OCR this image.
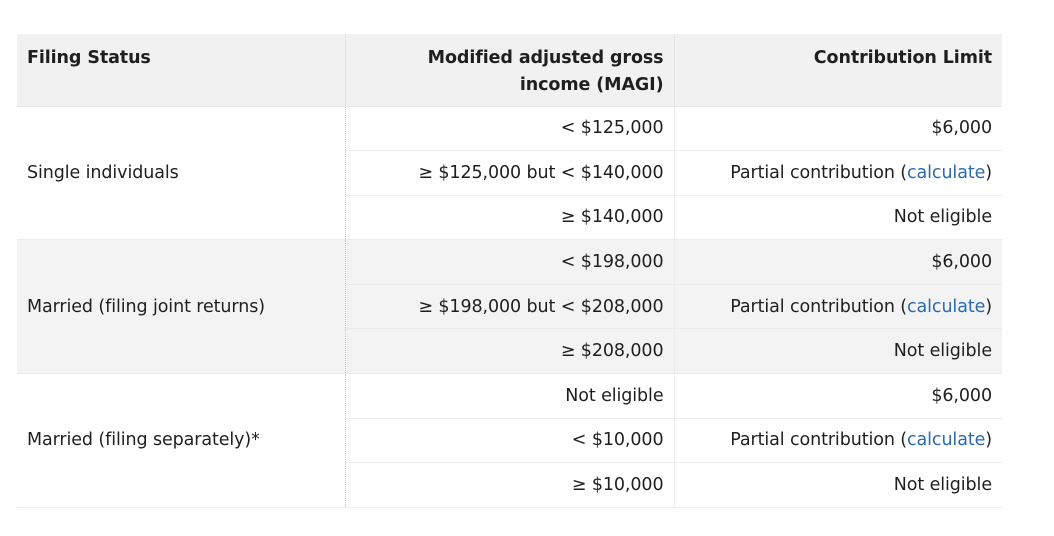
Filing Status	Modified adjusted gross income (MAGI)	Contribution Limit
Single individuals	< $125,000	$6,000
	≥ $125,000 but < $140,000	Partial contribution (calculate)
	≥ $140,000	Not eligible
Married (filing joint returns)	< $198,000	$6,000
	≥ $198,000 but < $208,000	Partial contribution (calculate)
	≥ $208,000	Not eligible
Married (filing separately)*	Not eligible	$6,000
	< $10,000	Partial contribution (calculate)
	≥ $10,000	Not eligible
